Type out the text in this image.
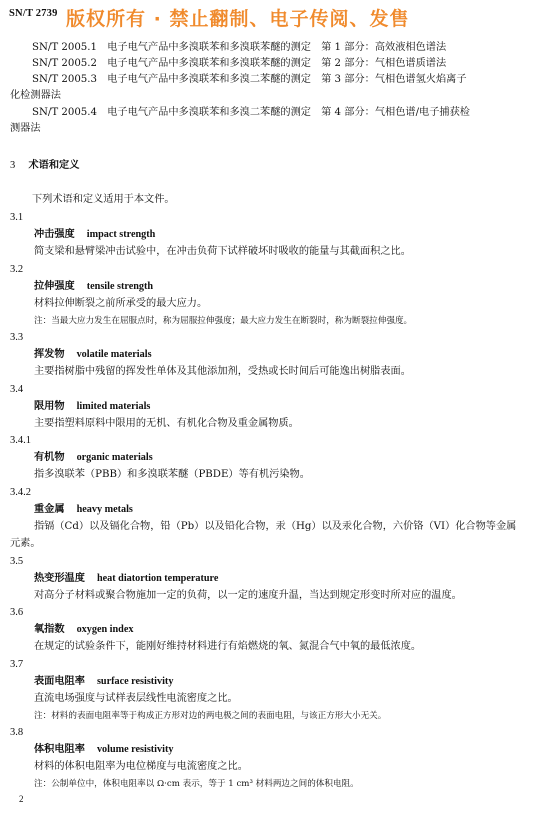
SN/T 2739 版权所有 · 禁止翻制、电子传阅、发售
SN/T 2005.1　电子电气产品中多溴联苯和多溴联苯醚的测定　第 1 部分：高效液相色谱法
SN/T 2005.2　电子电气产品中多溴联苯和多溴联苯醚的测定　第 2 部分：气相色谱质谱法
SN/T 2005.3　电子电气产品中多溴联苯和多溴二苯醚的测定　第 3 部分：气相色谱氢火焰离子
化检测器法
SN/T 2005.4　电子电气产品中多溴联苯和多溴二苯醚的测定　第 4 部分：气相色谱/电子捕获检
测器法
3 术语和定义
下列术语和定义适用于本文件。
3.1
冲击强度 impact strength
简支梁和悬臂梁冲击试验中，在冲击负荷下试样破坏时吸收的能量与其截面积之比。
3.2
拉伸强度 tensile strength
材料拉伸断裂之前所承受的最大应力。
注：当最大应力发生在屈服点时，称为屈服拉伸强度；最大应力发生在断裂时，称为断裂拉伸强度。
3.3
挥发物 volatile materials
主要指树脂中残留的挥发性单体及其他添加剂，受热或长时间后可能逸出树脂表面。
3.4
限用物 limited materials
主要指塑料原料中限用的无机、有机化合物及重金属物质。
3.4.1
有机物 organic materials
指多溴联苯（PBB）和多溴联苯醚（PBDE）等有机污染物。
3.4.2
重金属 heavy metals
指镉（Cd）以及镉化合物，铅（Pb）以及铅化合物，汞（Hg）以及汞化合物，六价铬（VI）化合物等金属
元素。
3.5
热变形温度 heat diatortion temperature
对高分子材料或聚合物施加一定的负荷，以一定的速度升温，当达到规定形变时所对应的温度。
3.6
氧指数 oxygen index
在规定的试验条件下，能刚好维持材料进行有焰燃烧的氧、氮混合气中氧的最低浓度。
3.7
表面电阻率 surface resistivity
直流电场强度与试样表层线性电流密度之比。
注：材料的表面电阻率等于构成正方形对边的两电极之间的表面电阻，与该正方形大小无关。
3.8
体积电阻率 volume resistivity
材料的体积电阻率为电位梯度与电流密度之比。
注：公制单位中，体积电阻率以 Ω·cm 表示，等于 1 cm³ 材料两边之间的体积电阻。
2
